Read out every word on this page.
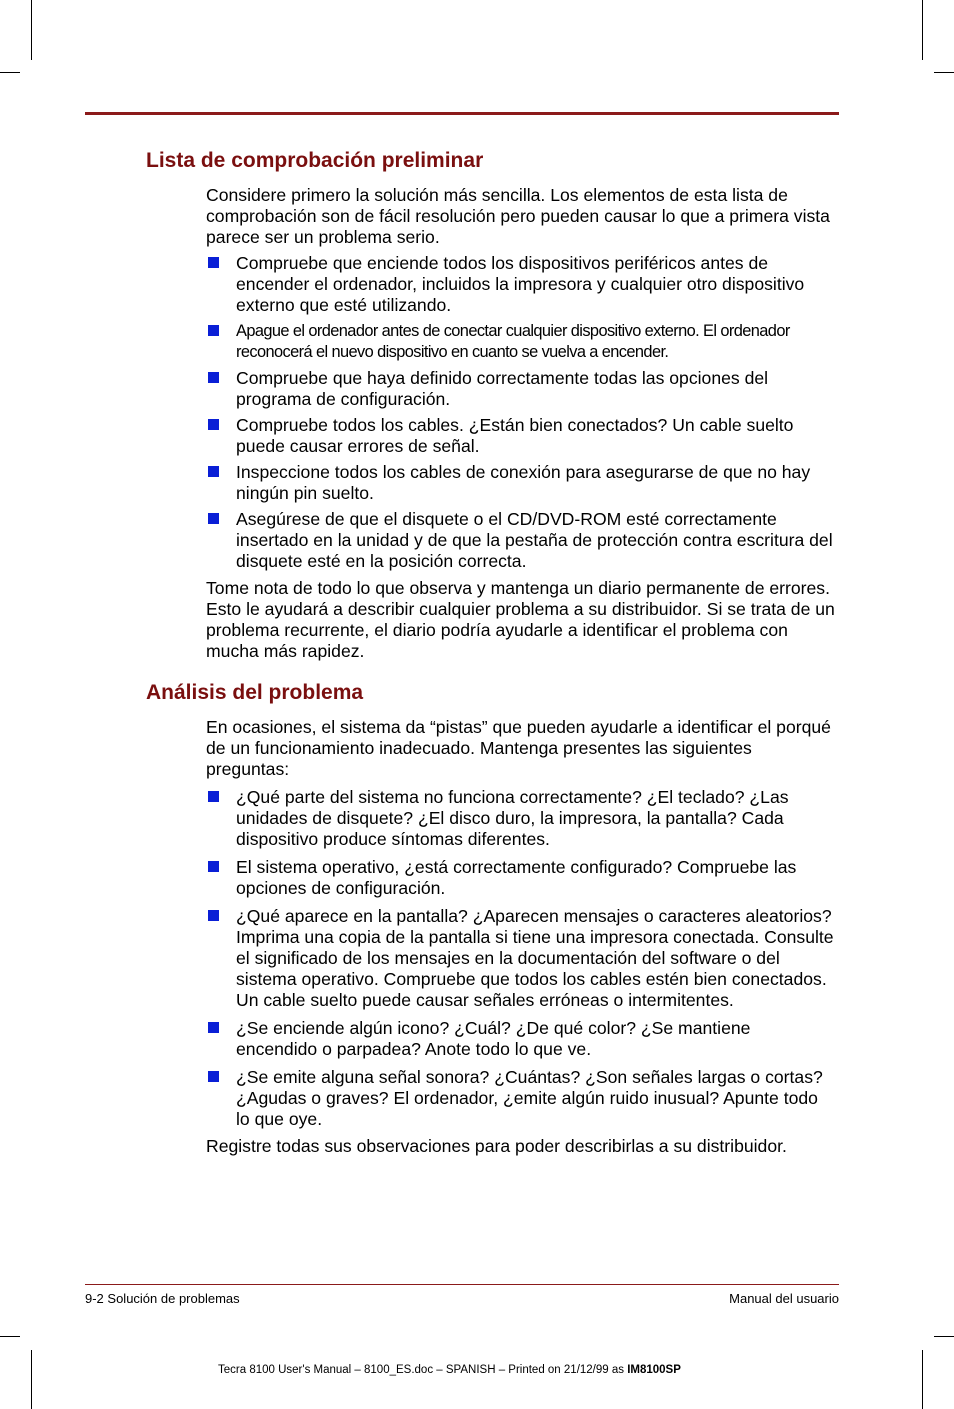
Lista de comprobación preliminar

Considere primero la solución más sencilla. Los elementos de esta lista de comprobación son de fácil resolución pero pueden causar lo que a primera vista parece ser un problema serio.

Compruebe que enciende todos los dispositivos periféricos antes de encender el ordenador, incluidos la impresora y cualquier otro dispositivo externo que esté utilizando.
Apague el ordenador antes de conectar cualquier dispositivo externo. El ordenador reconocerá el nuevo dispositivo en cuanto se vuelva a encender.
Compruebe que haya definido correctamente todas las opciones del programa de configuración.
Compruebe todos los cables. ¿Están bien conectados? Un cable suelto puede causar errores de señal.
Inspeccione todos los cables de conexión para asegurarse de que no hay ningún pin suelto.
Asegúrese de que el disquete o el CD/DVD-ROM esté correctamente insertado en la unidad y de que la pestaña de protección contra escritura del disquete esté en la posición correcta.

Tome nota de todo lo que observa y mantenga un diario permanente de errores. Esto le ayudará a describir cualquier problema a su distribuidor. Si se trata de un problema recurrente, el diario podría ayudarle a identificar el problema con mucha más rapidez.

Análisis del problema

En ocasiones, el sistema da “pistas” que pueden ayudarle a identificar el porqué de un funcionamiento inadecuado. Mantenga presentes las siguientes preguntas:

¿Qué parte del sistema no funciona correctamente? ¿El teclado? ¿Las unidades de disquete? ¿El disco duro, la impresora, la pantalla? Cada dispositivo produce síntomas diferentes.
El sistema operativo, ¿está correctamente configurado? Compruebe las opciones de configuración.
¿Qué aparece en la pantalla? ¿Aparecen mensajes o caracteres aleatorios? Imprima una copia de la pantalla si tiene una impresora conectada. Consulte el significado de los mensajes en la documentación del software o del sistema operativo. Compruebe que todos los cables estén bien conectados. Un cable suelto puede causar señales erróneas o intermitentes.
¿Se enciende algún icono? ¿Cuál? ¿De qué color? ¿Se mantiene encendido o parpadea? Anote todo lo que ve.
¿Se emite alguna señal sonora? ¿Cuántas? ¿Son señales largas o cortas? ¿Agudas o graves? El ordenador, ¿emite algún ruido inusual? Apunte todo lo que oye.

Registre todas sus observaciones para poder describirlas a su distribuidor.

9-2 Solución de problemas	Manual del usuario
Tecra 8100 User's Manual – 8100_ES.doc – SPANISH – Printed on 21/12/99 as IM8100SP
